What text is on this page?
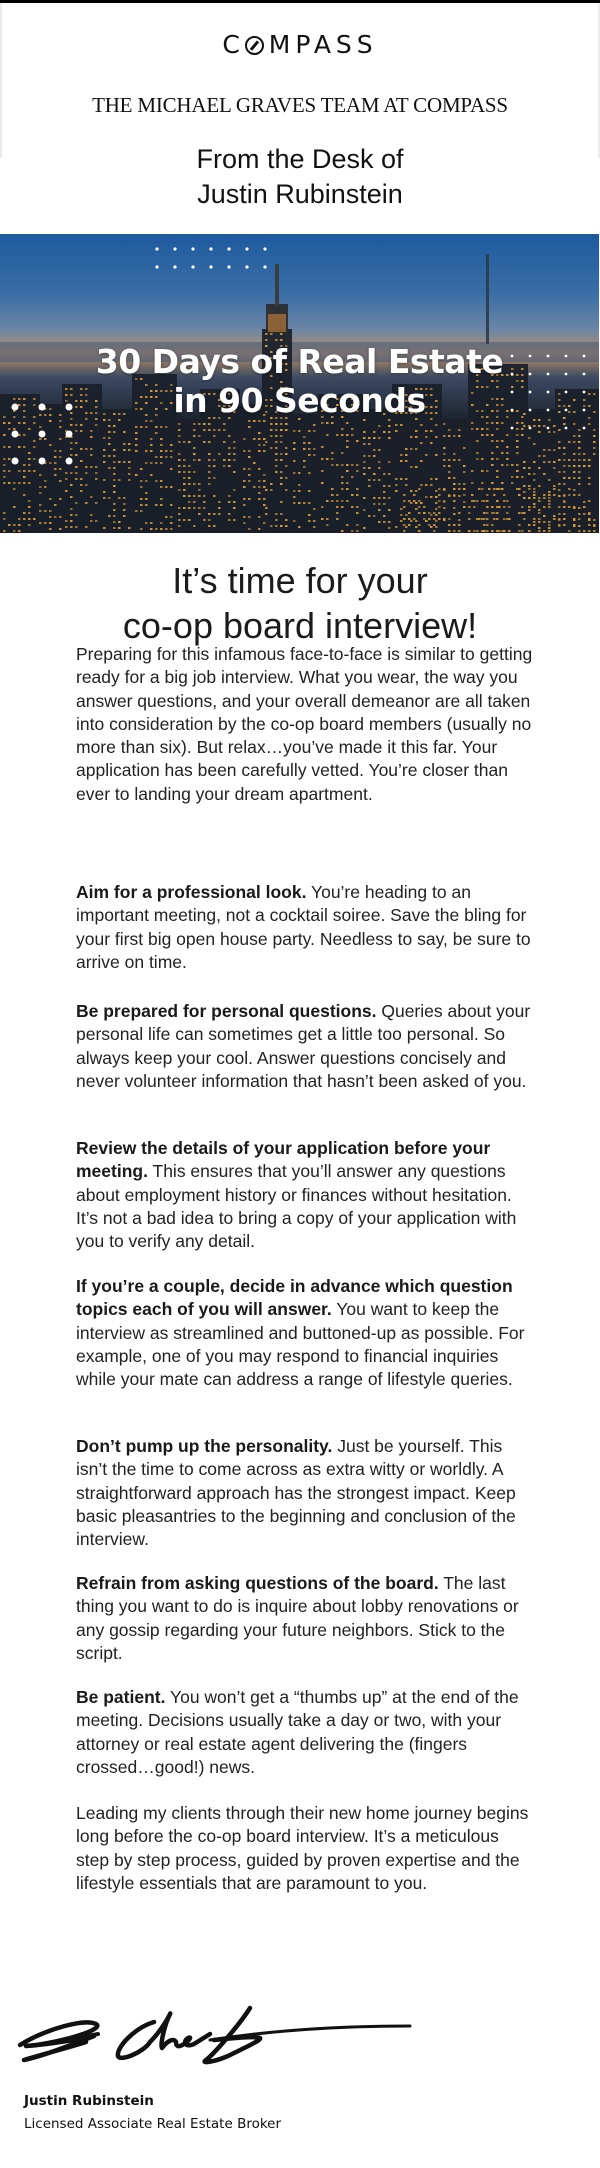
C MPASS
THE MICHAEL GRAVES TEAM AT COMPASS
From the Desk of
Justin Rubinstein
30 Days of Real Estate
in 90 Seconds
It’s time for your
co-op board interview!

Preparing for this infamous face-to-face is similar to getting ready for a big job interview. What you wear, the way you answer questions, and your overall demeanor are all taken into consideration by the co-op board members (usually no more than six). But relax…you’ve made it this far. Your application has been carefully vetted. You’re closer than ever to landing your dream apartment.

Aim for a professional look. You’re heading to an important meeting, not a cocktail soiree. Save the bling for your first big open house party. Needless to say, be sure to arrive on time.

Be prepared for personal questions. Queries about your personal life can sometimes get a little too personal. So always keep your cool. Answer questions concisely and never volunteer information that hasn’t been asked of you.

Review the details of your application before your meeting. This ensures that you’ll answer any questions about employment history or finances without hesitation. It’s not a bad idea to bring a copy of your application with you to verify any detail.

If you’re a couple, decide in advance which question topics each of you will answer. You want to keep the interview as streamlined and buttoned-up as possible. For example, one of you may respond to financial inquiries while your mate can address a range of lifestyle queries.

Don’t pump up the personality. Just be yourself. This isn’t the time to come across as extra witty or worldly. A straightforward approach has the strongest impact. Keep basic pleasantries to the beginning and conclusion of the interview.

Refrain from asking questions of the board. The last thing you want to do is inquire about lobby renovations or any gossip regarding your future neighbors. Stick to the script.

Be patient. You won’t get a “thumbs up” at the end of the meeting. Decisions usually take a day or two, with your attorney or real estate agent delivering the (fingers crossed…good!) news.

Leading my clients through their new home journey begins long before the co-op board interview. It’s a meticulous step by step process, guided by proven expertise and the lifestyle essentials that are paramount to you.

Justin Rubinstein
Licensed Associate Real Estate Broker
